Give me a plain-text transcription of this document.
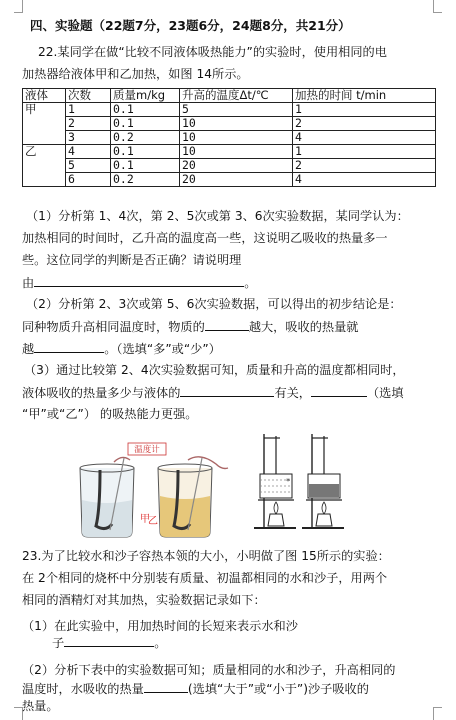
四、实验题（22题7分，23题6分，24题8分，共21分）
22.某同学在做“比较不同液体吸热能力”的实验时，使用相同的电
加热器给液体甲和乙加热，如图 14所示。
液体	次数	质量m/kg	升高的温度Δt/℃	加热的时间 t/min
甲	1	0.1	5	1
	2	0.1	10	2
	3	0.2	10	4
乙	4	0.1	10	1
	5	0.1	20	2
	6	0.2	20	4
（1）分析第 1、4次，第 2、5次或第 3、6次实验数据，某同学认为：
加热相同的时间时，乙升高的温度高一些，这说明乙吸收的热量多一
些。这位同学的判断是否正确？请说明理
由	。
（2）分析第 2、3次或第 5、6次实验数据，可以得出的初步结论是：
同种物质升高相同温度时，物质的	越大，吸收的热量就
越	。（选填“多”或“少”）
（3）通过比较第 2、4次实验数据可知，质量和升高的温度都相同时，
液体吸收的热量多少与液体的	有关，	（选填
“甲”或“乙”） 的吸热能力更强。
温度计
甲
乙
*
23.为了比较水和沙子容热本领的大小，小明做了图 15所示的实验：
在 2个相同的烧杯中分别装有质量、初温都相同的水和沙子，用两个
相同的酒精灯对其加热，实验数据记录如下：
（1）在此实验中，用加热时间的长短来表示水和沙
子	。
（2）分析下表中的实验数据可知；质量相同的水和沙子，升高相同的
温度时，水吸收的热量	(选填“大于”或“小于”)沙子吸收的
热量。
